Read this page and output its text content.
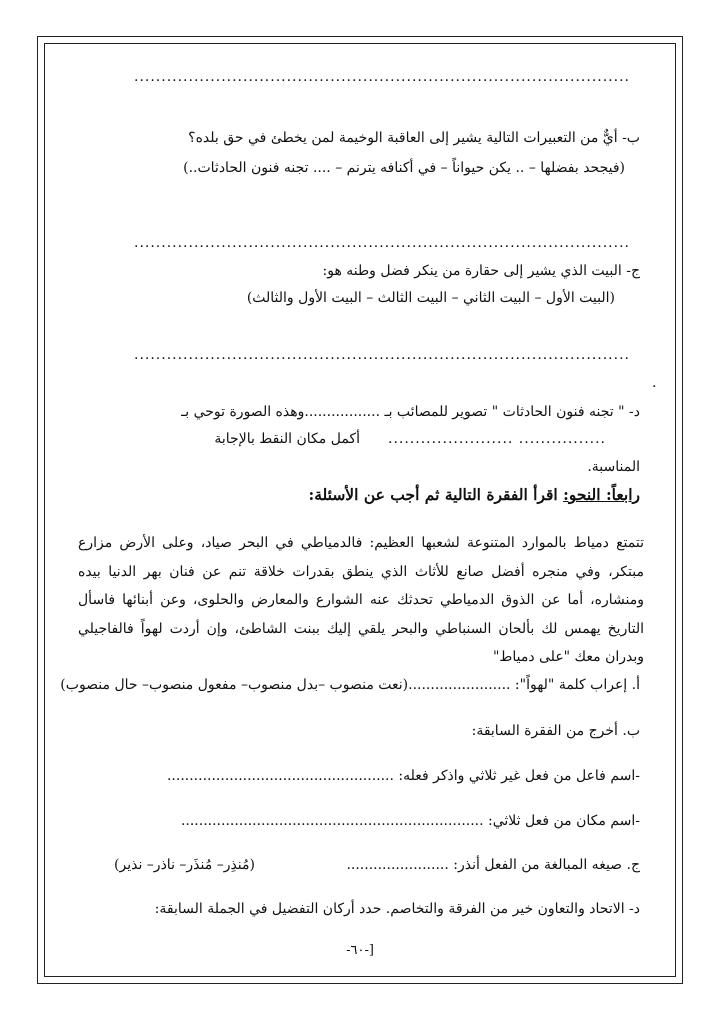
...........................................................................................
ب- أيٌّ من التعبيرات التالية يشير إلى العاقبة الوخيمة لمن يخطئ في حق بلده؟
(فيجحد بفضلها – .. يكن حيواناً – في أكنافه يترنم – .... تجنه فنون الحادثات..)
...........................................................................................
ج- البيت الذي يشير إلى حقارة من ينكر فضل وطنه هو:
(البيت الأول – البيت الثاني – البيت الثالث – البيت الأول والثالث)
...........................................................................................
.
د- " تجنه فنون الحادثات " تصوير للمصائب بـ .................وهذه الصورة توحي بـ
أكمل مكان النقط بالإجابة ....................... ................
المناسبة.
رابعاً: النحو: اقرأ الفقرة التالية ثم أجب عن الأسئلة:
تتمتع دمياط بالموارد المتنوعة لشعبها العظيم: فالدمياطي في البحر صياد، وعلى الأرض مزارع مبتكر، وفي منجره أفضل صانع للأثاث الذي ينطق بقدرات خلاقة تنم عن فنان بهر الدنيا بيده ومنشاره، أما عن الذوق الدمياطي تحدثك عنه الشوارع والمعارض والحلوى، وعن أبنائها فاسأل التاريخ يهمس لك بألحان السنباطي والبحر يلقي إليك ببنت الشاطئ، وإن أردت لهواً فالفاجيلي وبدران معك "على دمياط"
أ. إعراب كلمة "لهواً": .......................(نعت منصوب –بدل منصوب– مفعول منصوب– حال منصوب)
ب. أخرج من الفقرة السابقة:
-اسم فاعل من فعل غير ثلاثي واذكر فعله: ...................................................
-اسم مكان من فعل ثلاثي: ....................................................................
ج. صيغه المبالغة من الفعل أنذر: .......................
(مُنذِر– مُنذَر– ناذر– نذير)
د- الاتحاد والتعاون خير من الفرقة والتخاصم. حدد أركان التفضيل في الجملة السابقة:
-٦٠-]
